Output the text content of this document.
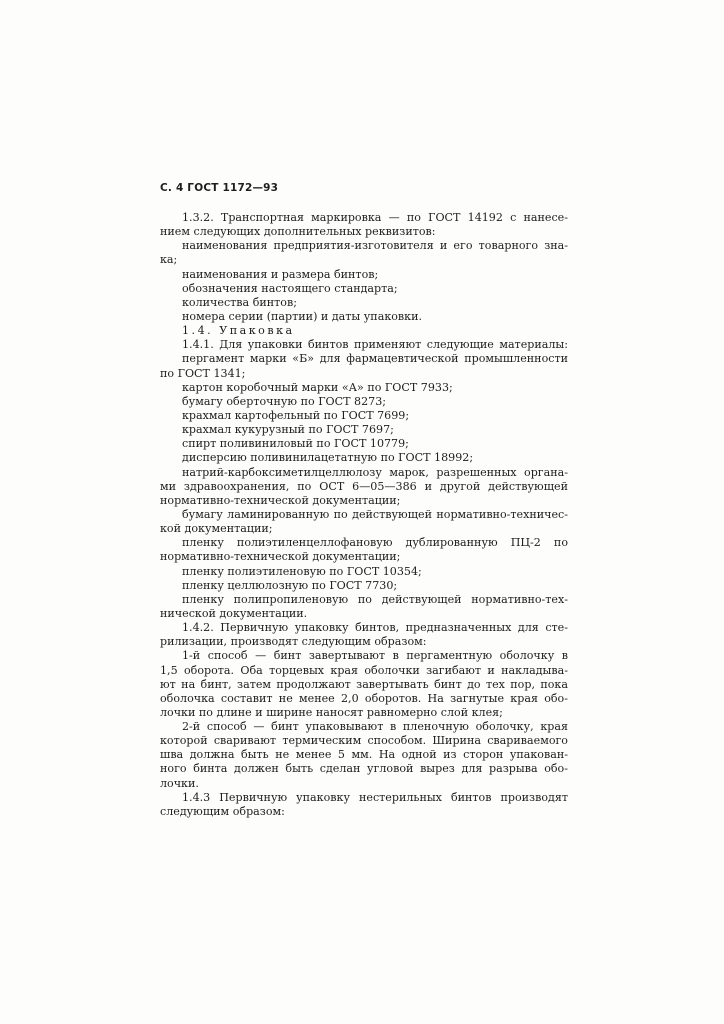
С. 4 ГОСТ 1172—93
1.3.2. Транспортная маркировка — по ГОСТ 14192 с нанесе-
нием следующих дополнительных реквизитов:
наименования предприятия-изготовителя и его товарного зна-
ка;
наименования и размера бинтов;
обозначения настоящего стандарта;
количества бинтов;
номера серии (партии) и даты упаковки.
1.4. Упаковка
1.4.1. Для упаковки бинтов применяют следующие материалы:
пергамент марки «Б» для фармацевтической промышленности
по ГОСТ 1341;
картон коробочный марки «А» по ГОСТ 7933;
бумагу оберточную по ГОСТ 8273;
крахмал картофельный по ГОСТ 7699;
крахмал кукурузный по ГОСТ 7697;
спирт поливиниловый по ГОСТ 10779;
дисперсию поливинилацетатную по ГОСТ 18992;
натрий-карбоксиметилцеллюлозу марок, разрешенных органа-
ми здравоохранения, по ОСТ 6—05—386 и другой действующей
нормативно-технической документации;
бумагу ламинированную по действующей нормативно-техничес-
кой документации;
пленку полиэтиленцеллофановую дублированную ПЦ-2 по
нормативно-технической документации;
пленку полиэтиленовую по ГОСТ 10354;
пленку целлюлозную по ГОСТ 7730;
пленку полипропиленовую по действующей нормативно-тех-
нической документации.
1.4.2. Первичную упаковку бинтов, предназначенных для сте-
рилизации, производят следующим образом:
1-й способ — бинт завертывают в пергаментную оболочку в
1,5 оборота. Оба торцевых края оболочки загибают и накладыва-
ют на бинт, затем продолжают завертывать бинт до тех пор, пока
оболочка составит не менее 2,0 оборотов. На загнутые края обо-
лочки по длине и ширине наносят равномерно слой клея;
2-й способ — бинт упаковывают в пленочную оболочку, края
которой сваривают термическим способом. Ширина свариваемого
шва должна быть не менее 5 мм. На одной из сторон упакован-
ного бинта должен быть сделан угловой вырез для разрыва обо-
лочки.
1.4.3 Первичную упаковку нестерильных бинтов производят
следующим образом:
